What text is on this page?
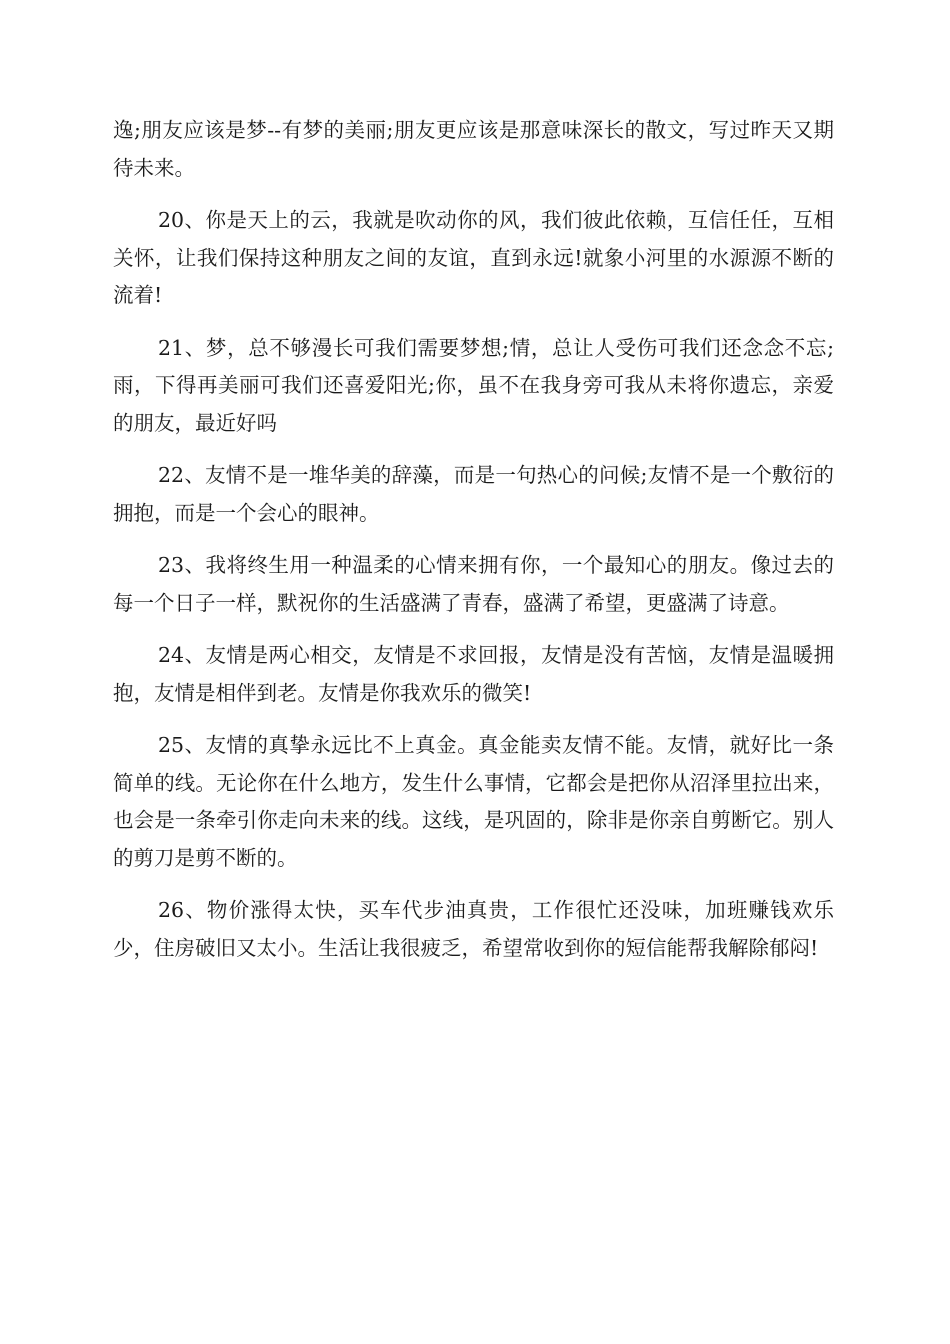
逸;朋友应该是梦--有梦的美丽;朋友更应该是那意味深长的散文，写过昨天又期待未来。

20、你是天上的云，我就是吹动你的风，我们彼此依赖，互信任任，互相关怀，让我们保持这种朋友之间的友谊，直到永远!就象小河里的水源源不断的流着!

21、梦，总不够漫长可我们需要梦想;情，总让人受伤可我们还念念不忘;雨，下得再美丽可我们还喜爱阳光;你，虽不在我身旁可我从未将你遗忘，亲爱的朋友，最近好吗

22、友情不是一堆华美的辞藻，而是一句热心的问候;友情不是一个敷衍的拥抱，而是一个会心的眼神。

23、我将终生用一种温柔的心情来拥有你，一个最知心的朋友。像过去的每一个日子一样，默祝你的生活盛满了青春，盛满了希望，更盛满了诗意。

24、友情是两心相交，友情是不求回报，友情是没有苦恼，友情是温暖拥抱，友情是相伴到老。友情是你我欢乐的微笑!

25、友情的真挚永远比不上真金。真金能卖友情不能。友情，就好比一条简单的线。无论你在什么地方，发生什么事情，它都会是把你从沼泽里拉出来，也会是一条牵引你走向未来的线。这线，是巩固的，除非是你亲自剪断它。别人的剪刀是剪不断的。

26、物价涨得太快，买车代步油真贵，工作很忙还没味，加班赚钱欢乐少，住房破旧又太小。生活让我很疲乏，希望常收到你的短信能帮我解除郁闷!
